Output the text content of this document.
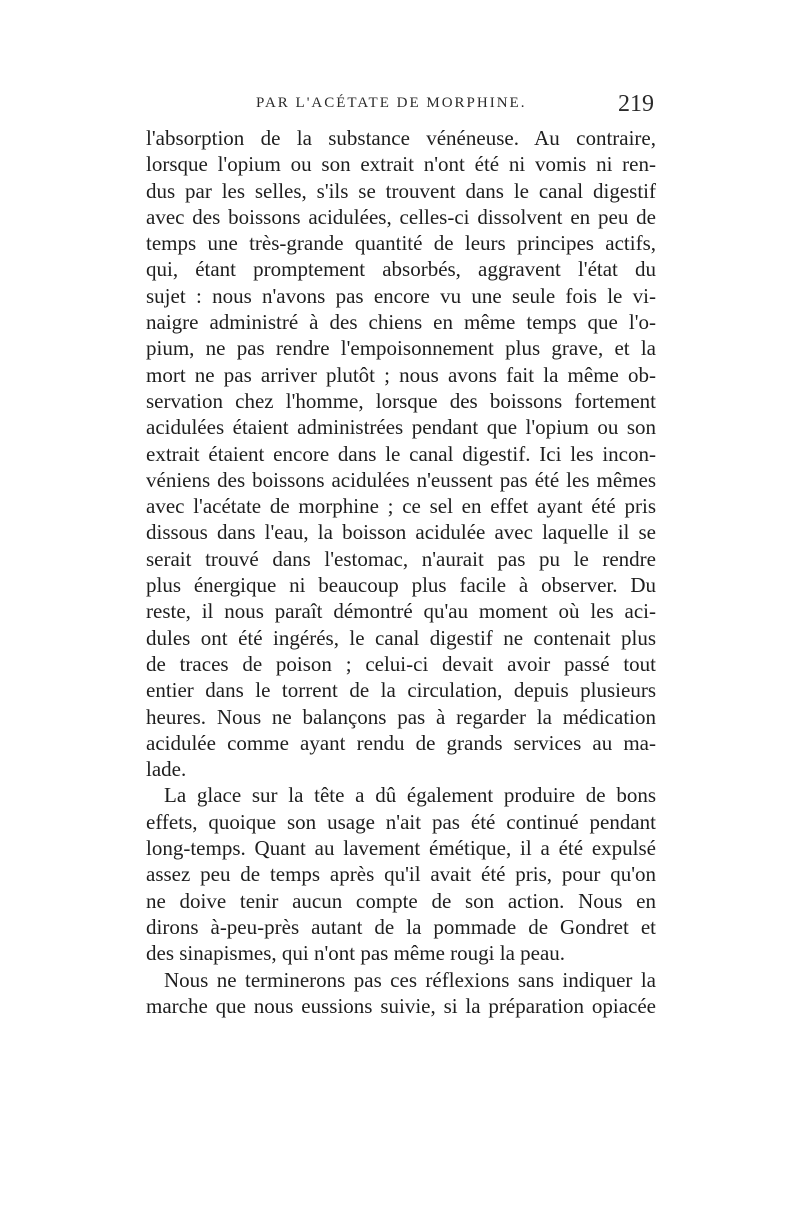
PAR L'ACÉTATE DE MORPHINE.	219
l'absorption de la substance vénéneuse. Au contraire,
lorsque l'opium ou son extrait n'ont été ni vomis ni ren-
dus par les selles, s'ils se trouvent dans le canal digestif
avec des boissons acidulées, celles-ci dissolvent en peu de
temps une très-grande quantité de leurs principes actifs,
qui, étant promptement absorbés, aggravent l'état du
sujet : nous n'avons pas encore vu une seule fois le vi-
naigre administré à des chiens en même temps que l'o-
pium, ne pas rendre l'empoisonnement plus grave, et la
mort ne pas arriver plutôt ; nous avons fait la même ob-
servation chez l'homme, lorsque des boissons fortement
acidulées étaient administrées pendant que l'opium ou son
extrait étaient encore dans le canal digestif. Ici les incon-
véniens des boissons acidulées n'eussent pas été les mêmes
avec l'acétate de morphine ; ce sel en effet ayant été pris
dissous dans l'eau, la boisson acidulée avec laquelle il se
serait trouvé dans l'estomac, n'aurait pas pu le rendre
plus énergique ni beaucoup plus facile à observer. Du
reste, il nous paraît démontré qu'au moment où les aci-
dules ont été ingérés, le canal digestif ne contenait plus
de traces de poison ; celui-ci devait avoir passé tout
entier dans le torrent de la circulation, depuis plusieurs
heures. Nous ne balançons pas à regarder la médication
acidulée comme ayant rendu de grands services au ma-
lade.
La glace sur la tête a dû également produire de bons
effets, quoique son usage n'ait pas été continué pendant
long-temps. Quant au lavement émétique, il a été expulsé
assez peu de temps après qu'il avait été pris, pour qu'on
ne doive tenir aucun compte de son action. Nous en
dirons à-peu-près autant de la pommade de Gondret et
des sinapismes, qui n'ont pas même rougi la peau.
Nous ne terminerons pas ces réflexions sans indiquer la
marche que nous eussions suivie, si la préparation opiacée
